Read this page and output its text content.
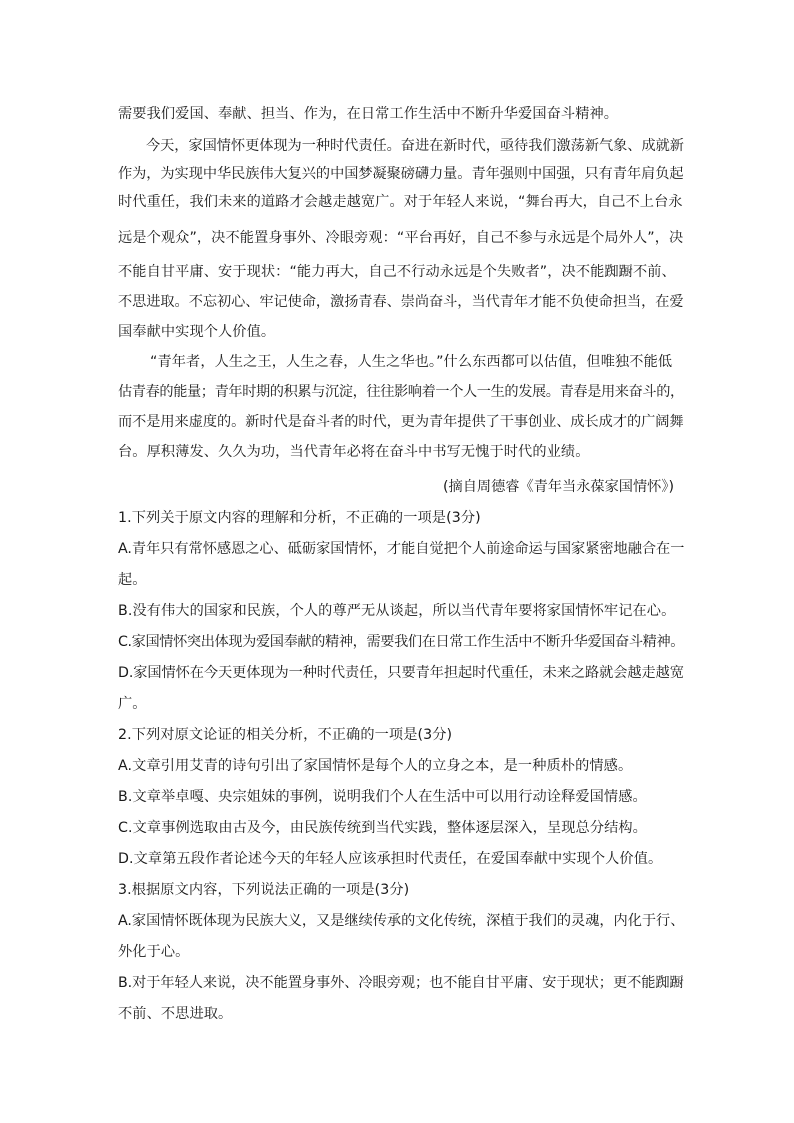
需要我们爱国、奉献、担当、作为，在日常工作生活中不断升华爱国奋斗精神。
今天，家国情怀更体现为一种时代责任。奋进在新时代，亟待我们激荡新气象、成就新
作为，为实现中华民族伟大复兴的中国梦凝聚磅礴力量。青年强则中国强，只有青年肩负起
时代重任，我们未来的道路才会越走越宽广。对于年轻人来说，“舞台再大，自己不上台永
远是个观众”，决不能置身事外、冷眼旁观：“平台再好，自己不参与永远是个局外人”，决
不能自甘平庸、安于现状：“能力再大，自己不行动永远是个失败者”，决不能踟蹰不前、
不思进取。不忘初心、牢记使命，激扬青春、崇尚奋斗，当代青年才能不负使命担当，在爱
国奉献中实现个人价值。
“青年者，人生之王，人生之春，人生之华也。”什么东西都可以估值，但唯独不能低
估青春的能量；青年时期的积累与沉淀，往往影响着一个人一生的发展。青春是用来奋斗的，
而不是用来虚度的。新时代是奋斗者的时代，更为青年提供了干事创业、成长成才的广阔舞
台。厚积薄发、久久为功，当代青年必将在奋斗中书写无愧于时代的业绩。
(摘自周德睿《青年当永葆家国情怀》)
1.下列关于原文内容的理解和分析，不正确的一项是(3分)
A.青年只有常怀感恩之心、砥砺家国情怀，才能自觉把个人前途命运与国家紧密地融合在一
起。
B.没有伟大的国家和民族，个人的尊严无从谈起，所以当代青年要将家国情怀牢记在心。
C.家国情怀突出体现为爱国奉献的精神，需要我们在日常工作生活中不断升华爱国奋斗精神。
D.家国情怀在今天更体现为一种时代责任，只要青年担起时代重任，未来之路就会越走越宽
广。
2.下列对原文论证的相关分析，不正确的一项是(3分)
A.文章引用艾青的诗句引出了家国情怀是每个人的立身之本，是一种质朴的情感。
B.文章举卓嘎、央宗姐妹的事例，说明我们个人在生活中可以用行动诠释爱国情感。
C.文章事例选取由古及今，由民族传统到当代实践，整体逐层深入，呈现总分结构。
D.文章第五段作者论述今天的年轻人应该承担时代责任，在爱国奉献中实现个人价值。
3.根据原文内容，下列说法正确的一项是(3分)
A.家国情怀既体现为民族大义，又是继续传承的文化传统，深植于我们的灵魂，内化于行、
外化于心。
B.对于年轻人来说，决不能置身事外、冷眼旁观；也不能自甘平庸、安于现状；更不能踟蹰
不前、不思进取。
